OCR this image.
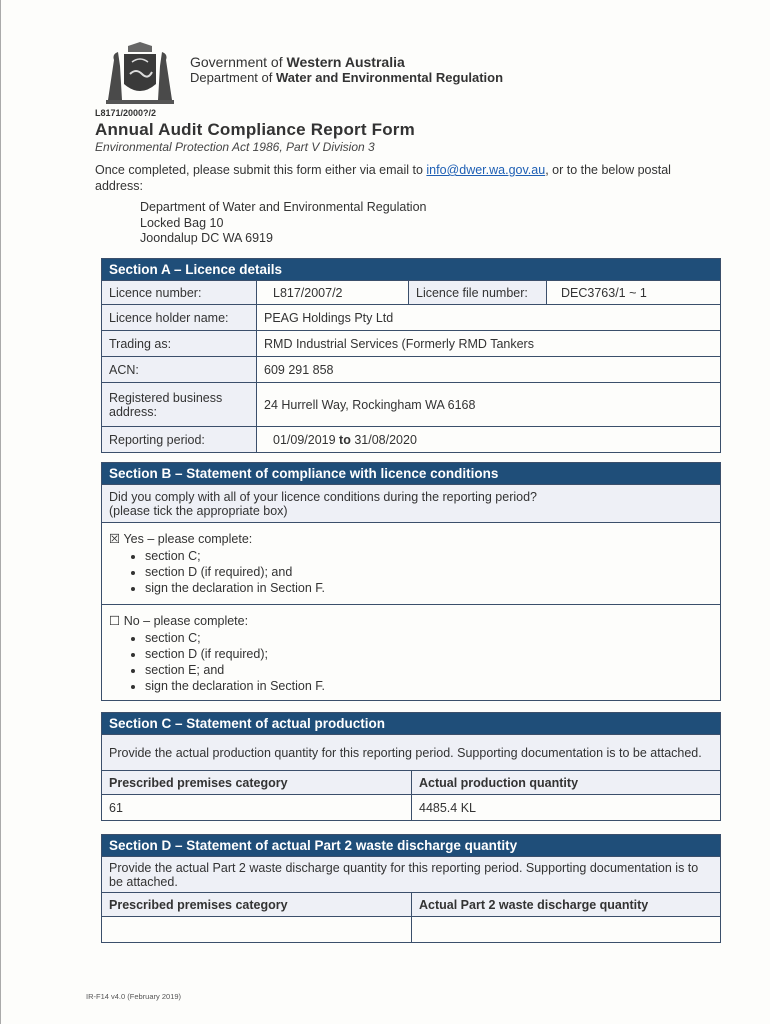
Government of Western Australia
Department of Water and Environmental Regulation
L8171/2000?/2
Annual Audit Compliance Report Form
Environmental Protection Act 1986, Part V Division 3
Once completed, please submit this form either via email to info@dwer.wa.gov.au, or to the below postal address:
Department of Water and Environmental Regulation
Locked Bag 10
Joondalup DC WA 6919
Section A – Licence details			
Licence number:	L817/2007/2	Licence file number:	DEC3763/1 ~ 1
Licence holder name:	PEAG Holdings Pty Ltd		
Trading as:	RMD Industrial Services (Formerly RMD Tankers		
ACN:	609 291 858		
Registered business address:	24 Hurrell Way, Rockingham WA 6168		
Reporting period:	01/09/2019 to 31/08/2020		
Section B – Statement of compliance with licence conditions

Did you comply with all of your licence conditions during the reporting period?
(please tick the appropriate box)

☒ Yes – please complete:
• section C;
• section D (if required); and
• sign the declaration in Section F.

☐ No – please complete:
• section C;
• section D (if required);
• section E; and
• sign the declaration in Section F.
Section C – Statement of actual production	
Provide the actual production quantity for this reporting period. Supporting documentation is to be attached.	
Prescribed premises category	Actual production quantity
61	4485.4 KL
Section D – Statement of actual Part 2 waste discharge quantity	
Provide the actual Part 2 waste discharge quantity for this reporting period. Supporting documentation is to be attached.	
Prescribed premises category	Actual Part 2 waste discharge quantity

IR-F14 v4.0 (February 2019)
